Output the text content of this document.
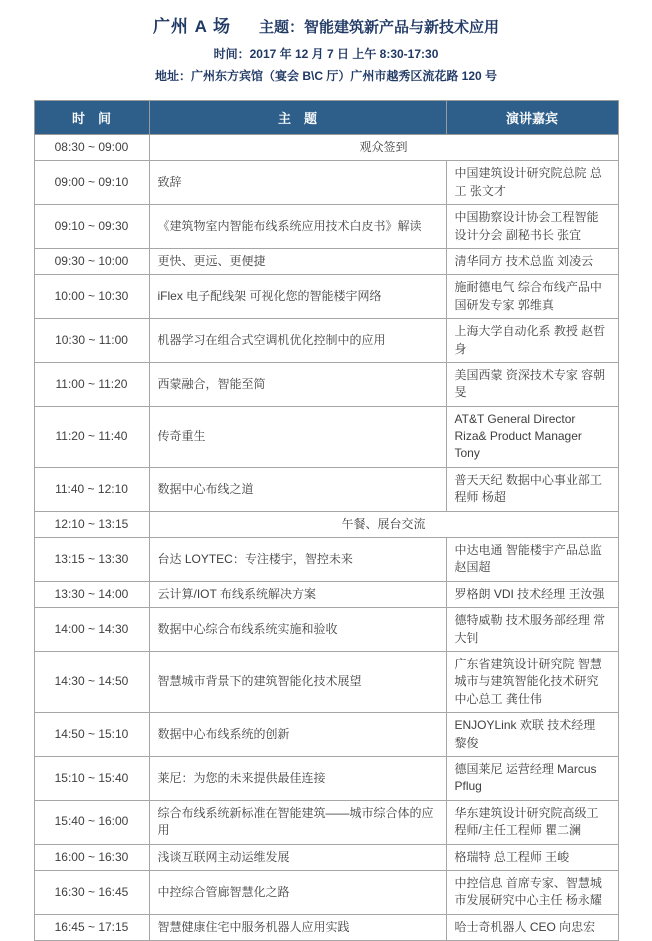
广州 A 场 主题：智能建筑新产品与新技术应用
时间：2017 年 12 月 7 日 上午 8:30-17:30
地址：广州东方宾馆（宴会 B\C 厅）广州市越秀区流花路 120 号
时　间	主　题	演讲嘉宾
08:30 ~ 09:00	观众签到	
09:00 ~ 09:10	致辞	中国建筑设计研究院总院 总工 张文才
09:10 ~ 09:30	《建筑物室内智能布线系统应用技术白皮书》解读	中国勘察设计协会工程智能设计分会 副秘书长 张宜
09:30 ~ 10:00	更快、更远、更便捷	清华同方 技术总监 刘凌云
10:00 ~ 10:30	iFlex 电子配线架 可视化您的智能楼宇网络	施耐德电气 综合布线产品中国研发专家 郭维真
10:30 ~ 11:00	机器学习在组合式空调机优化控制中的应用	上海大学自动化系 教授 赵哲身
11:00 ~ 11:20	西蒙融合，智能至简	美国西蒙 资深技术专家 容朝旻
11:20 ~ 11:40	传奇重生	AT&T General Director Riza& Product Manager Tony
11:40 ~ 12:10	数据中心布线之道	普天天纪 数据中心事业部工程师 杨超
12:10 ~ 13:15	午餐、展台交流	
13:15 ~ 13:30	台达 LOYTEC：专注楼宇，智控未来	中达电通 智能楼宇产品总监 赵国超
13:30 ~ 14:00	云计算/IOT 布线系统解决方案	罗格朗 VDI 技术经理 王汝强
14:00 ~ 14:30	数据中心综合布线系统实施和验收	德特威勒 技术服务部经理 常大钊
14:30 ~ 14:50	智慧城市背景下的建筑智能化技术展望	广东省建筑设计研究院 智慧城市与建筑智能化技术研究中心总工 龚仕伟
14:50 ~ 15:10	数据中心布线系统的创新	ENJOYLink 欢联 技术经理 黎俊
15:10 ~ 15:40	莱尼：为您的未来提供最佳连接	德国莱尼 运营经理 Marcus Pflug
15:40 ~ 16:00	综合布线系统新标准在智能建筑——城市综合体的应用	华东建筑设计研究院高级工程师/主任工程师 瞿二澜
16:00 ~ 16:30	浅谈互联网主动运维发展	格瑞特 总工程师 王峻
16:30 ~ 16:45	中控综合管廊智慧化之路	中控信息 首席专家、智慧城市发展研究中心主任 杨永耀
16:45 ~ 17:15	智慧健康住宅中服务机器人应用实践	哈士奇机器人 CEO 向忠宏
